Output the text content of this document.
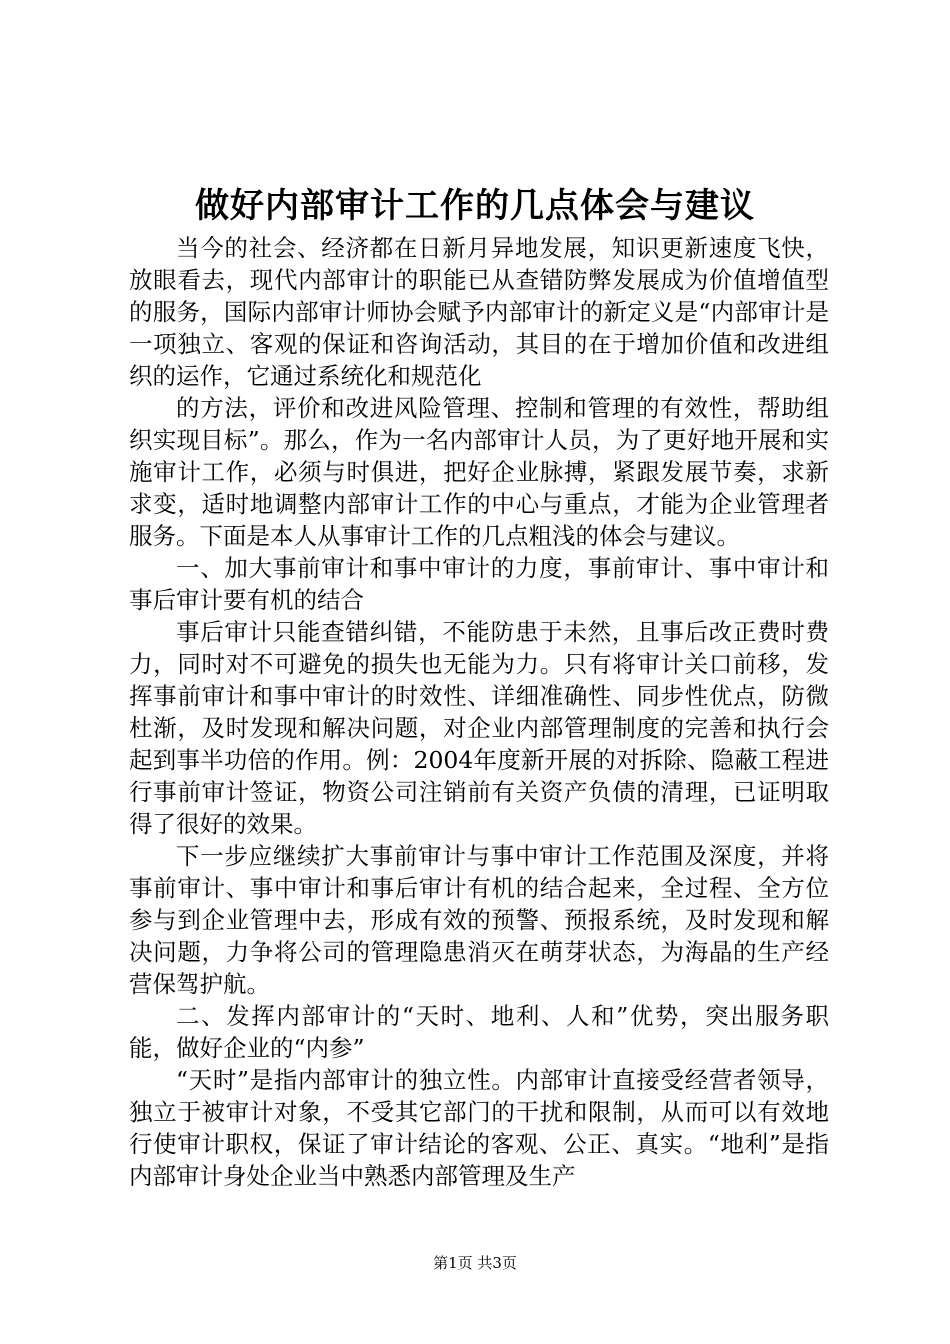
做好内部审计工作的几点体会与建议

当今的社会、经济都在日新月异地发展，知识更新速度飞快，放眼看去，现代内部审计的职能已从查错防弊发展成为价值增值型的服务，国际内部审计师协会赋予内部审计的新定义是“内部审计是一项独立、客观的保证和咨询活动，其目的在于增加价值和改进组织的运作，它通过系统化和规范化

的方法，评价和改进风险管理、控制和管理的有效性，帮助组织实现目标”。那么，作为一名内部审计人员，为了更好地开展和实施审计工作，必须与时俱进，把好企业脉搏，紧跟发展节奏，求新求变，适时地调整内部审计工作的中心与重点，才能为企业管理者服务。下面是本人从事审计工作的几点粗浅的体会与建议。

一、加大事前审计和事中审计的力度，事前审计、事中审计和事后审计要有机的结合

事后审计只能查错纠错，不能防患于未然，且事后改正费时费力，同时对不可避免的损失也无能为力。只有将审计关口前移，发挥事前审计和事中审计的时效性、详细准确性、同步性优点，防微杜渐，及时发现和解决问题，对企业内部管理制度的完善和执行会起到事半功倍的作用。例：2004年度新开展的对拆除、隐蔽工程进行事前审计签证，物资公司注销前有关资产负债的清理，已证明取得了很好的效果。

下一步应继续扩大事前审计与事中审计工作范围及深度，并将事前审计、事中审计和事后审计有机的结合起来，全过程、全方位参与到企业管理中去，形成有效的预警、预报系统，及时发现和解决问题，力争将公司的管理隐患消灭在萌芽状态，为海晶的生产经营保驾护航。

二、发挥内部审计的“天时、地利、人和”优势，突出服务职能，做好企业的“内参”

“天时”是指内部审计的独立性。内部审计直接受经营者领导，独立于被审计对象，不受其它部门的干扰和限制，从而可以有效地行使审计职权，保证了审计结论的客观、公正、真实。“地利”是指内部审计身处企业当中熟悉内部管理及生产

第1页 共3页
